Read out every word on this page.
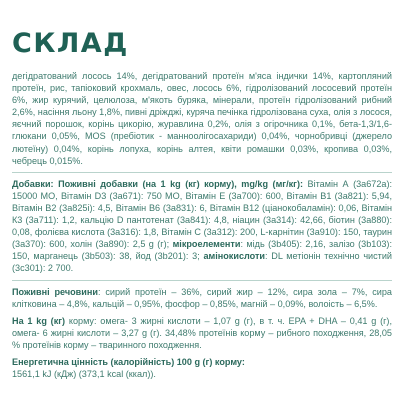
СКЛАД
дегідратований лосось 14%, дегідратований протеїн м'яса індички 14%, картопляний протеїн, рис, тапіоковий крохмаль, овес, лосось 6%, гідролізований лососевий протеїн 6%, жир курячий, целюлоза, м'якоть буряка, мінерали, протеїн гідролізований рибний 2,6%, насіння льону 1,8%, пивні дріжджі, куряча печінка гідролізована суха, олія з лосося, яєчний порошок, корінь цикорію, журавлина 0,2%, олія з огірочника 0,1%, бета-1,3/1,6-глюкани 0,05%, MOS (пребіотик - манноолігосахариди) 0,04%, чорнобривці (джерело лютеїну) 0,04%, корінь лопуха, корінь алтея, квіти ромашки 0,03%, кропива 0,03%, чебрець 0,015%.
Добавки: Поживні добавки (на 1 kg (кг) корму), mg/kg (мг/кг): Вітамін А (3а672а): 15000 МО, Вітамін D3 (3а671): 750 МО, Вітамін Е (3а700): 600, Вітамін В1 (3а821): 5,94, Вітамін В2 (3а825і): 4,5, Вітамін В6 (3а831): 6, Вітамін В12 (ціанокобаламін): 0,06, Вітамін К3 (3а711): 1,2, кальцію D пантотенат (3а841): 4,8, ніацин (3а314): 42,66, біотин (3а880): 0,08, фолієва кислота (3а316): 1,8, Вітамін С (3а312): 200, L-карнітин (3а910): 150, таурин (3а370): 600, холін (3а890): 2,5 g (г); мікроелементи: мідь (3b405): 2,16, залізо (3b103): 150, марганець (3b503): 38, йод (3b201): 3; амінокислоти: DL метіонін технічно чистий (3с301): 2 700.
Поживні речовини: сирий протеїн – 36%, сирий жир – 12%, сира зола – 7%, сира клітковина – 4,8%, кальцій – 0,95%, фосфор – 0,85%, магній – 0,09%, волоість – 6,5%.
На 1 kg (кг) корму: омега- 3 жирні кислоти – 1,07 g (г), в т. ч. EPA + DHA – 0,41 g (г), омега- 6 жирні кислоти – 3,27 g (г). 34,48% протеїнів корму – рибного походження, 28,05 % протеїнів корму – тваринного походження.
Енергетична цінність (калорійність) 100 g (г) корму:
1561,1 kJ (кДж) (373,1 kcal (ккал)).
